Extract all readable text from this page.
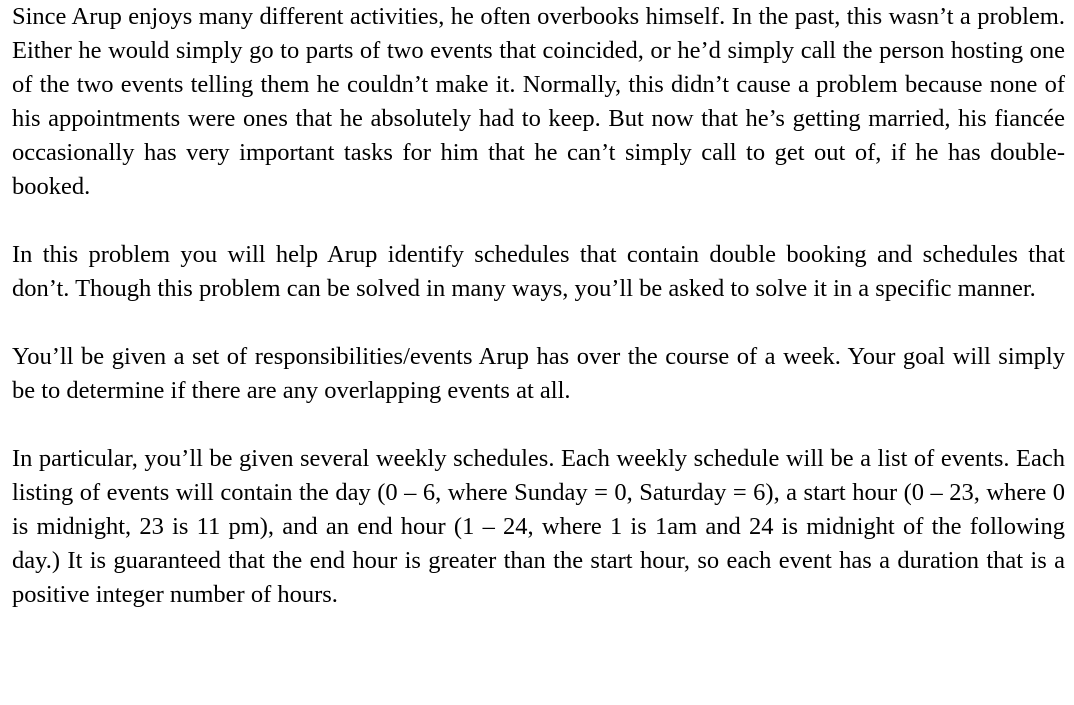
Since Arup enjoys many different activities, he often overbooks himself. In the past, this wasn’t a problem. Either he would simply go to parts of two events that coincided, or he’d simply call the person hosting one of the two events telling them he couldn’t make it. Normally, this didn’t cause a problem because none of his appointments were ones that he absolutely had to keep. But now that he’s getting married, his fiancée occasionally has very important tasks for him that he can’t simply call to get out of, if he has double-booked.

In this problem you will help Arup identify schedules that contain double booking and schedules that don’t. Though this problem can be solved in many ways, you’ll be asked to solve it in a specific manner.

You’ll be given a set of responsibilities/events Arup has over the course of a week. Your goal will simply be to determine if there are any overlapping events at all.

In particular, you’ll be given several weekly schedules. Each weekly schedule will be a list of events. Each listing of events will contain the day (0 – 6, where Sunday = 0, Saturday = 6), a start hour (0 – 23, where 0 is midnight, 23 is 11 pm), and an end hour (1 – 24, where 1 is 1am and 24 is midnight of the following day.) It is guaranteed that the end hour is greater than the start hour, so each event has a duration that is a positive integer number of hours.
